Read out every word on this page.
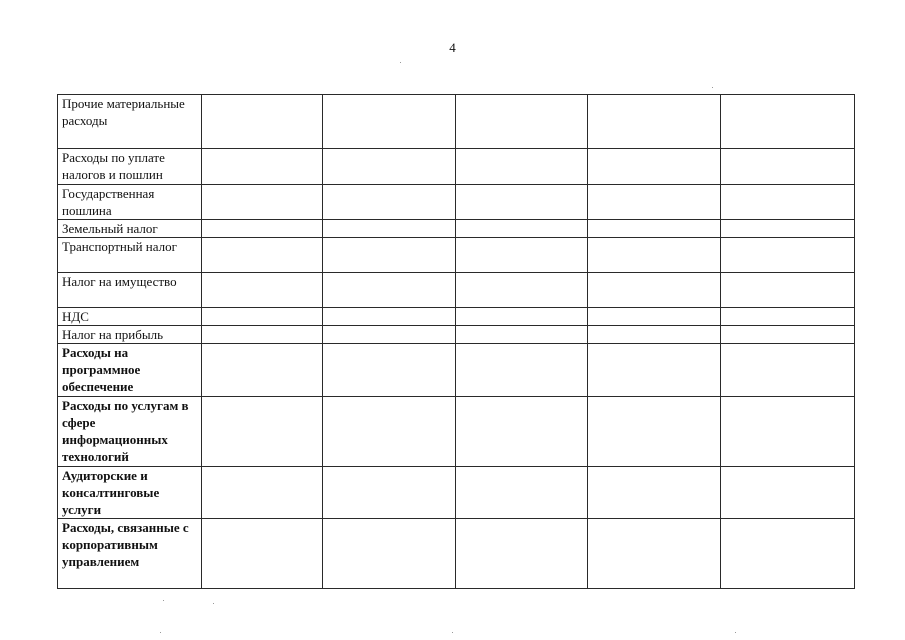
4
Прочие материальные расходы					
Расходы по уплате налогов и пошлин					
Государственная пошлина					
Земельный налог					
Транспортный налог					
Налог на имущество					
НДС					
Налог на прибыль					
Расходы на программное обеспечение					
Расходы по услугам в сфере информационных технологий					
Аудиторские и консалтинговые услуги					
Расходы, связанные с корпоративным управлением					
